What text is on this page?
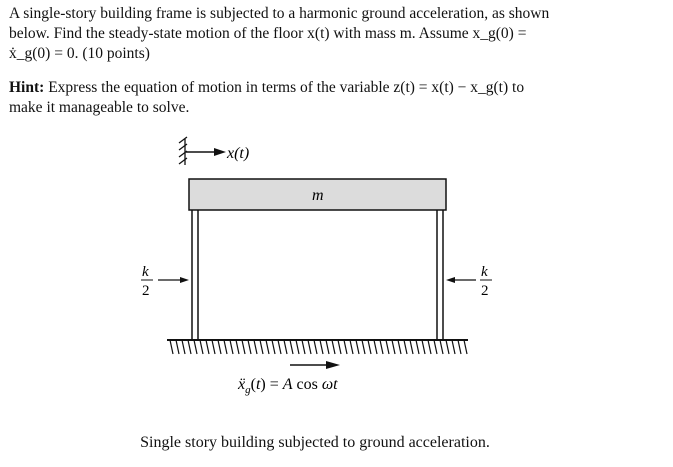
A single-story building frame is subjected to a harmonic ground acceleration, as shown

below. Find the steady-state motion of the floor x(t) with mass m. Assume x_g(0) =

ẋ_g(0) = 0. (10 points)

Hint: Express the equation of motion in terms of the variable z(t) = x(t) − x_g(t) to

make it manageable to solve.

x(t)
m
k
2
k
2
ẍ$_g$(t) = A cos ωt
Single story building subjected to ground acceleration.
